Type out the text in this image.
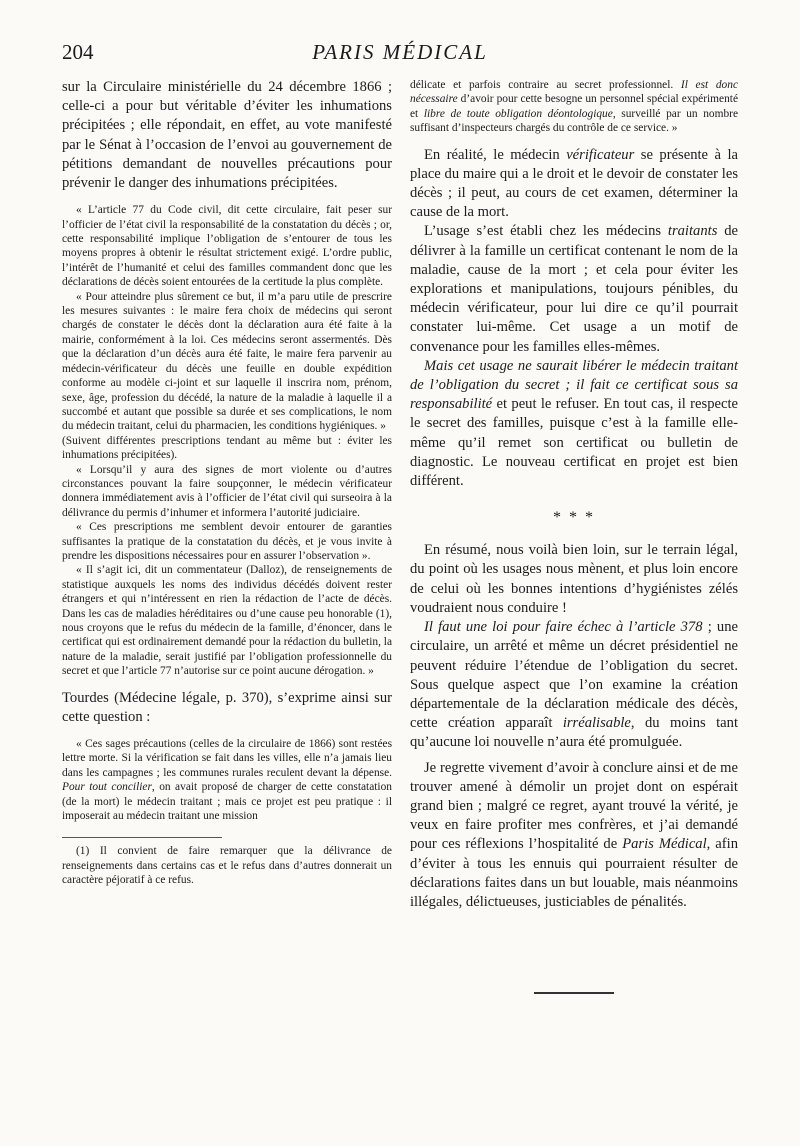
204	PARIS MÉDICAL

sur la Circulaire ministérielle du 24 décembre 1866 ; celle-ci a pour but véritable d’éviter les inhumations précipitées ; elle répondait, en effet, au vote manifesté par le Sénat à l’occasion de l’envoi au gouvernement de pétitions demandant de nouvelles précautions pour prévenir le danger des inhumations précipitées.

« L’article 77 du Code civil, dit cette circulaire, fait peser sur l’officier de l’état civil la responsabilité de la constatation du décès ; or, cette responsabilité implique l’obligation de s’entourer de tous les moyens propres à obtenir le résultat strictement exigé. L’ordre public, l’intérêt de l’humanité et celui des familles commandent donc que les déclarations de décès soient entourées de la certitude la plus complète.

« Pour atteindre plus sûrement ce but, il m’a paru utile de prescrire les mesures suivantes : le maire fera choix de médecins qui seront chargés de constater le décès dont la déclaration aura été faite à la mairie, conformément à la loi. Ces médecins seront assermentés. Dès que la déclaration d’un décès aura été faite, le maire fera parvenir au médecin-vérificateur du décès une feuille en double expédition conforme au modèle ci-joint et sur laquelle il inscrira nom, prénom, sexe, âge, profession du décédé, la nature de la maladie à laquelle il a succombé et autant que possible sa durée et ses complications, le nom du médecin traitant, celui du pharmacien, les conditions hygiéniques. »

(Suivent différentes prescriptions tendant au même but : éviter les inhumations précipitées).

« Lorsqu’il y aura des signes de mort violente ou d’autres circonstances pouvant la faire soupçonner, le médecin vérificateur donnera immédiatement avis à l’officier de l’état civil qui surseoira à la délivrance du permis d’inhumer et informera l’autorité judiciaire.

« Ces prescriptions me semblent devoir entourer de garanties suffisantes la pratique de la constatation du décès, et je vous invite à prendre les dispositions nécessaires pour en assurer l’observation ».

« Il s’agit ici, dit un commentateur (Dalloz), de renseignements de statistique auxquels les noms des individus décédés doivent rester étrangers et qui n’intéressent en rien la rédaction de l’acte de décès. Dans les cas de maladies héréditaires ou d’une cause peu honorable (1), nous croyons que le refus du médecin de la famille, d’énoncer, dans le certificat qui est ordinairement demandé pour la rédaction du bulletin, la nature de la maladie, serait justifié par l’obligation professionnelle du secret et que l’article 77 n’autorise sur ce point aucune dérogation. »

Tourdes (Médecine légale, p. 370), s’exprime ainsi sur cette question :

« Ces sages précautions (celles de la circulaire de 1866) sont restées lettre morte. Si la vérification se fait dans les villes, elle n’a jamais lieu dans les campagnes ; les communes rurales reculent devant la dépense. Pour tout concilier, on avait proposé de charger de cette constatation (de la mort) le médecin traitant ; mais ce projet est peu pratique : il imposerait au médecin traitant une mission

(1) Il convient de faire remarquer que la délivrance de renseignements dans certains cas et le refus dans d’autres donnerait un caractère péjoratif à ce refus.

délicate et parfois contraire au secret professionnel. Il est donc nécessaire d’avoir pour cette besogne un personnel spécial expérimenté et libre de toute obligation déontologique, surveillé par un nombre suffisant d’inspecteurs chargés du contrôle de ce service. »

En réalité, le médecin vérificateur se présente à la place du maire qui a le droit et le devoir de constater les décès ; il peut, au cours de cet examen, déterminer la cause de la mort.

L’usage s’est établi chez les médecins traitants de délivrer à la famille un certificat contenant le nom de la maladie, cause de la mort ; et cela pour éviter les explorations et manipulations, toujours pénibles, du médecin vérificateur, pour lui dire ce qu’il pourrait constater lui-même. Cet usage a un motif de convenance pour les familles elles-mêmes.

Mais cet usage ne saurait libérer le médecin traitant de l’obligation du secret ; il fait ce certificat sous sa responsabilité et peut le refuser. En tout cas, il respecte le secret des familles, puisque c’est à la famille elle-même qu’il remet son certificat ou bulletin de diagnostic. Le nouveau certificat en projet est bien différent.

* * *

En résumé, nous voilà bien loin, sur le terrain légal, du point où les usages nous mènent, et plus loin encore de celui où les bonnes intentions d’hygiénistes zélés voudraient nous conduire !

Il faut une loi pour faire échec à l’article 378 ; une circulaire, un arrêté et même un décret présidentiel ne peuvent réduire l’étendue de l’obligation du secret. Sous quelque aspect que l’on examine la création départementale de la déclaration médicale des décès, cette création apparaît irréalisable, du moins tant qu’aucune loi nouvelle n’aura été promulguée.

Je regrette vivement d’avoir à conclure ainsi et de me trouver amené à démolir un projet dont on espérait grand bien ; malgré ce regret, ayant trouvé la vérité, je veux en faire profiter mes confrères, et j’ai demandé pour ces réflexions l’hospitalité de Paris Médical, afin d’éviter à tous les ennuis qui pourraient résulter de déclarations faites dans un but louable, mais néanmoins illégales, délictueuses, justiciables de pénalités.
